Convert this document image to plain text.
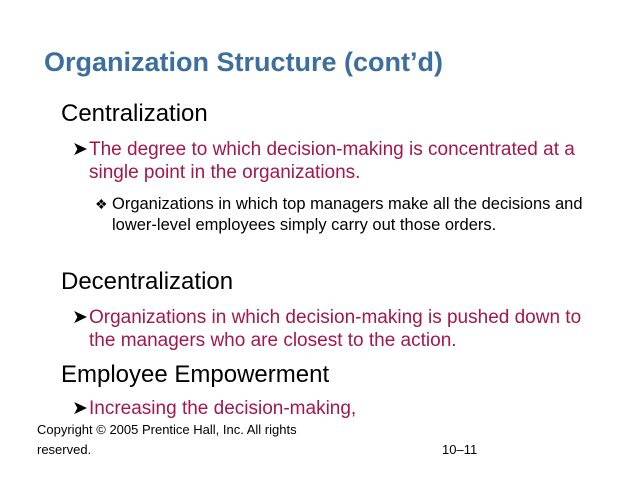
Organization Structure (cont’d)
Centralization
➤ The degree to which decision-making is concentrated at a single point in the organizations.
❖ Organizations in which top managers make all the decisions and lower-level employees simply carry out those orders.
Decentralization
➤ Organizations in which decision-making is pushed down to the managers who are closest to the action.
Employee Empowerment
➤ Increasing the decision-making,
Copyright © 2005 Prentice Hall, Inc. All rights reserved.	10–11
